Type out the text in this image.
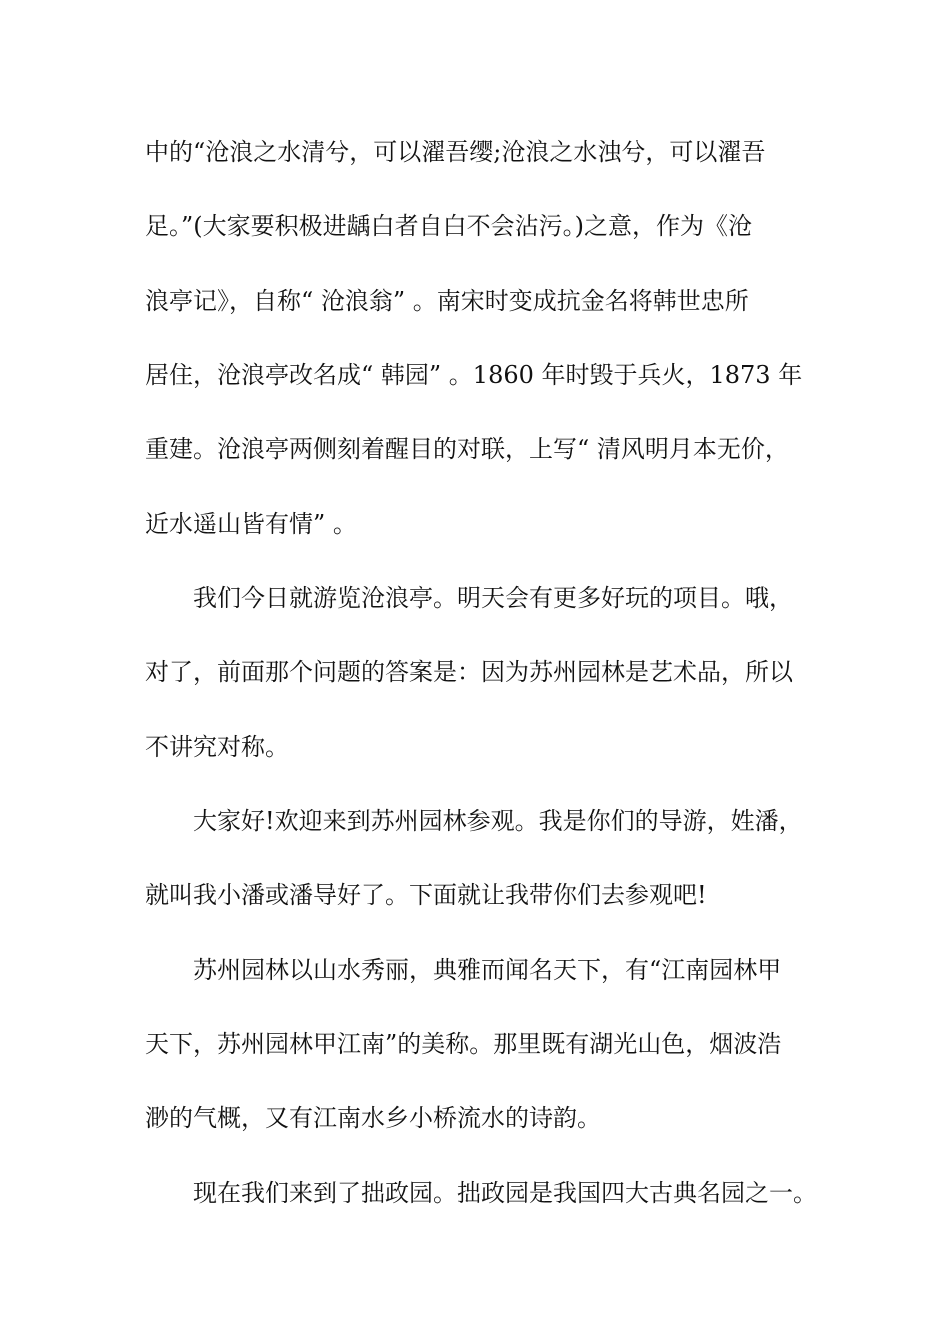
中的“沧浪之水清兮，可以濯吾缨;沧浪之水浊兮，可以濯吾

足。”(大家要积极进龋白者自白不会沾污。)之意，作为《沧

浪亭记》，自称“ 沧浪翁” 。南宋时变成抗金名将韩世忠所

居住，沧浪亭改名成“ 韩园” 。1860 年时毁于兵火，1873 年

重建。沧浪亭两侧刻着醒目的对联，上写“ 清风明月本无价，

近水遥山皆有情” 。

我们今日就游览沧浪亭。明天会有更多好玩的项目。哦，

对了，前面那个问题的答案是：因为苏州园林是艺术品，所以

不讲究对称。

大家好!欢迎来到苏州园林参观。我是你们的导游，姓潘，

就叫我小潘或潘导好了。下面就让我带你们去参观吧!

苏州园林以山水秀丽，典雅而闻名天下，有“江南园林甲

天下，苏州园林甲江南”的美称。那里既有湖光山色，烟波浩

渺的气概，又有江南水乡小桥流水的诗韵。

现在我们来到了拙政园。拙政园是我国四大古典名园之一。
